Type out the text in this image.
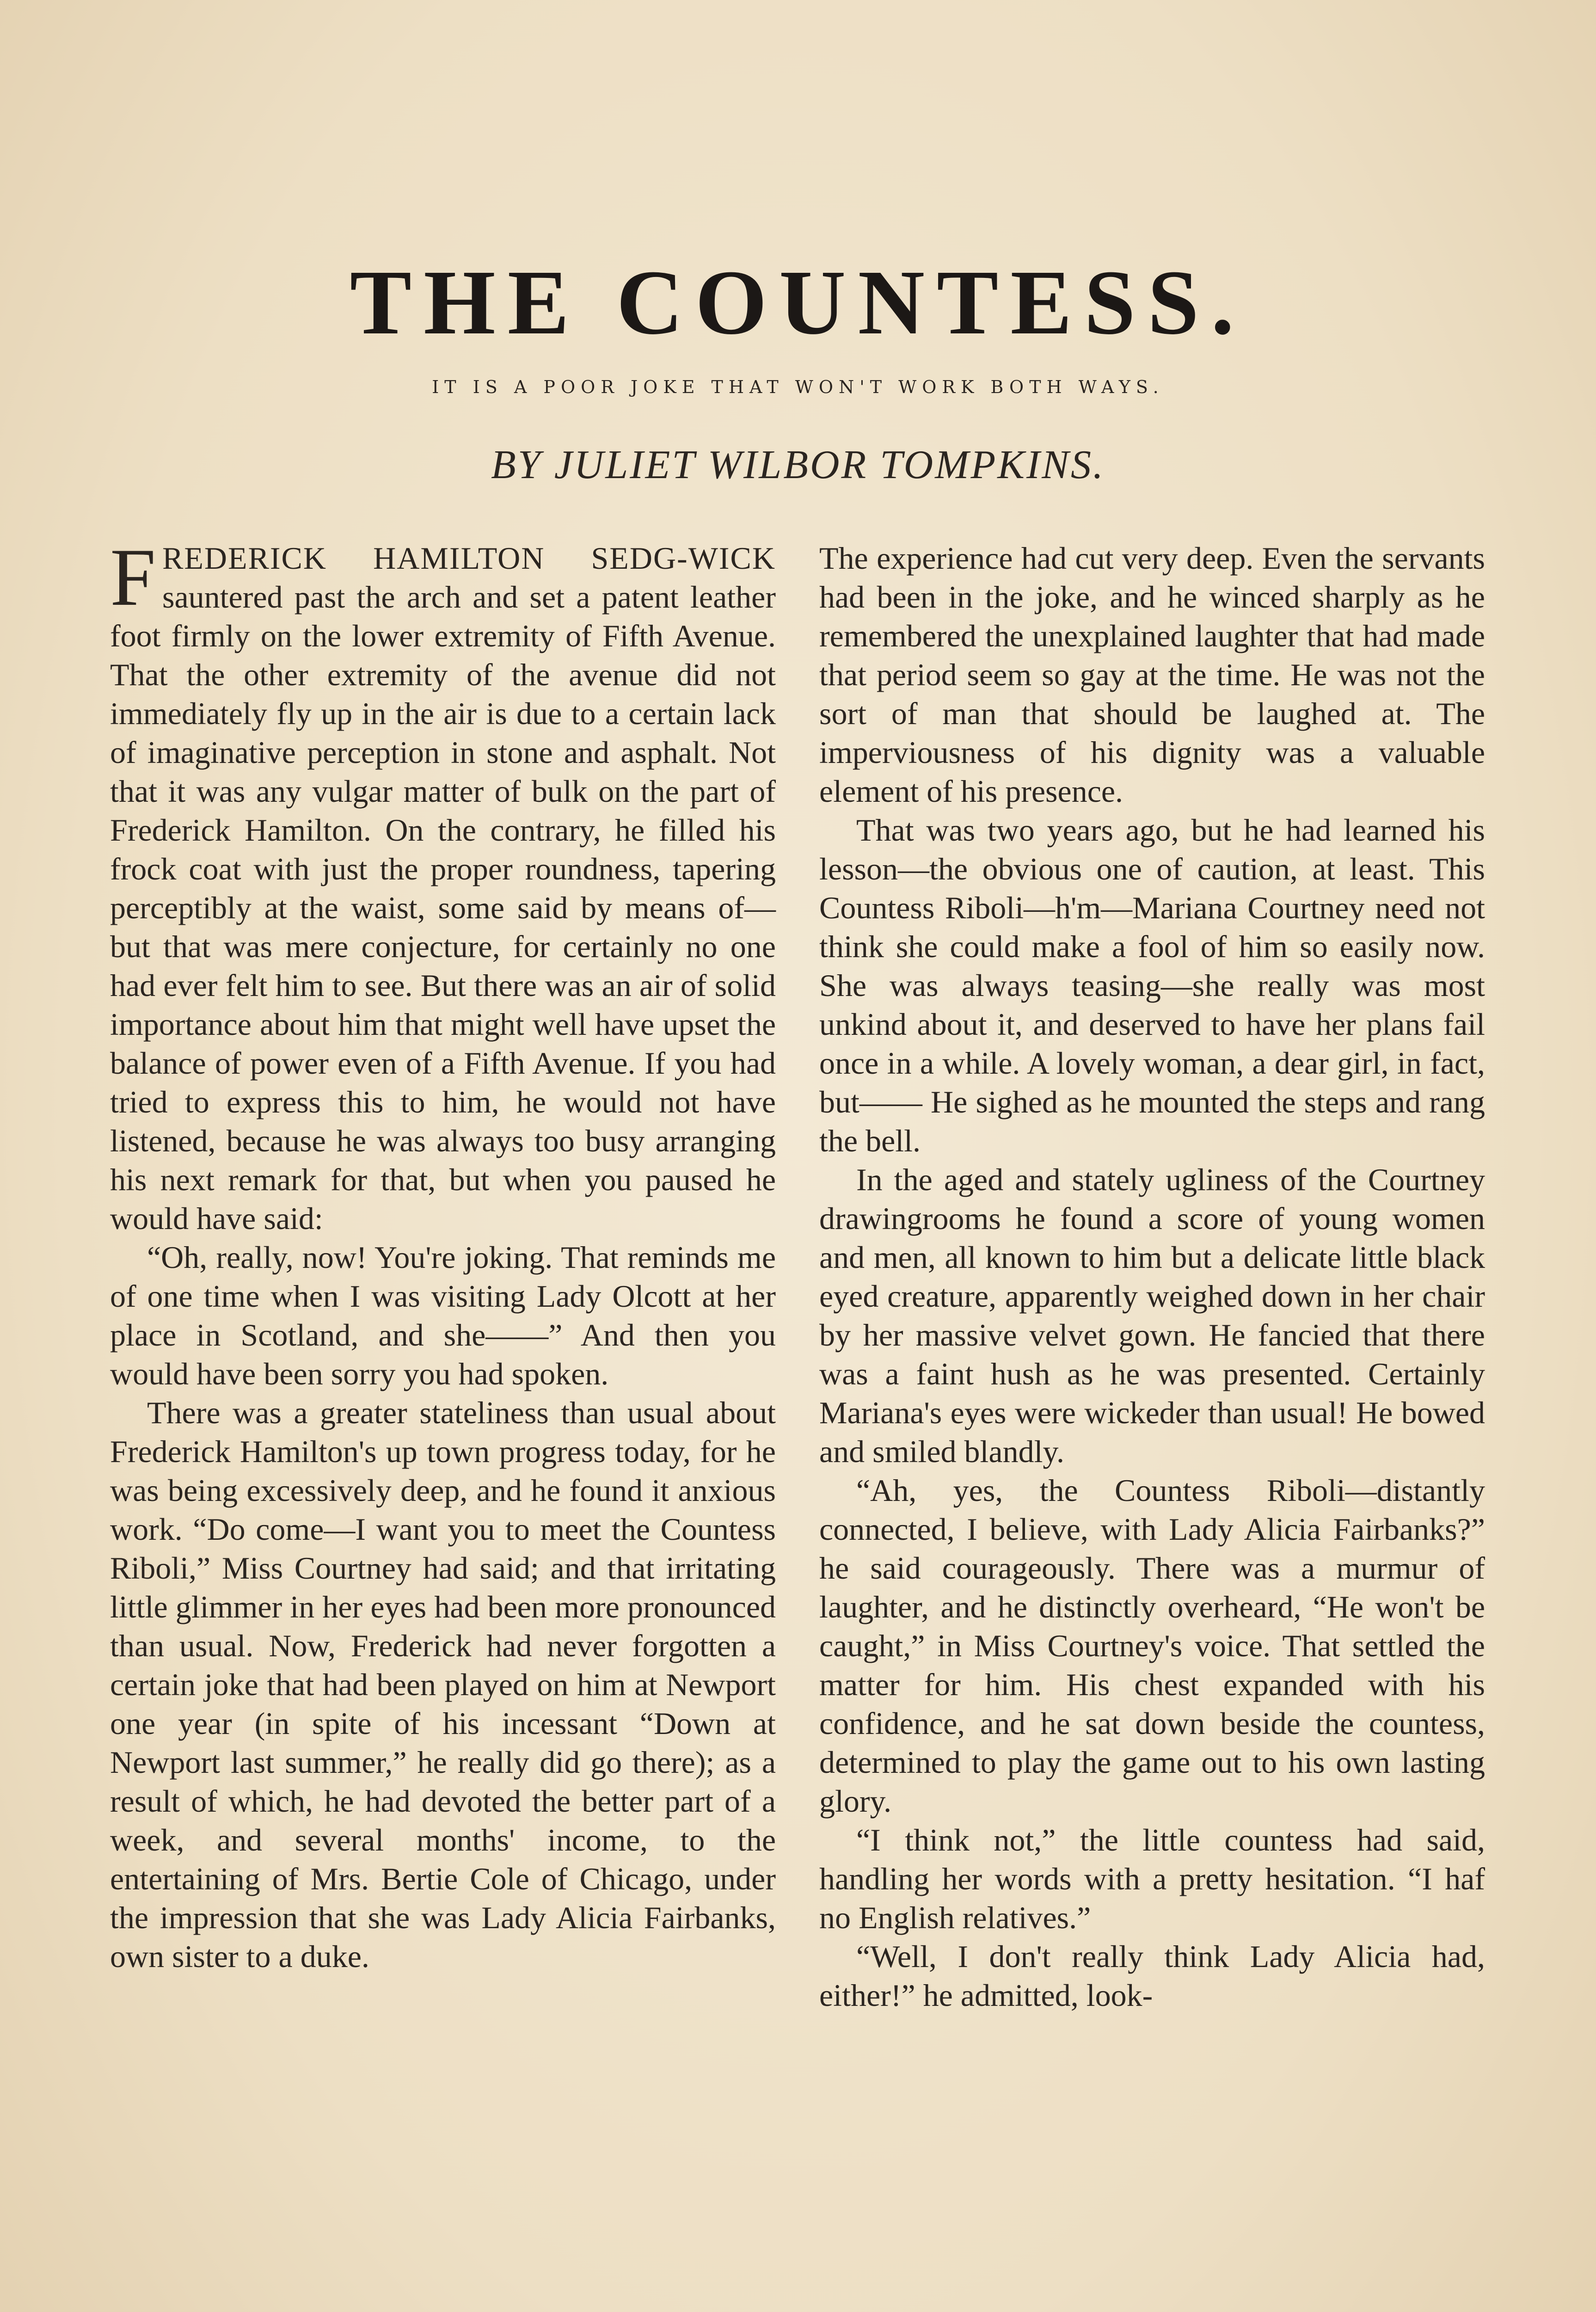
THE COUNTESS.
IT IS A POOR JOKE THAT WON'T WORK BOTH WAYS.
BY JULIET WILBOR TOMPKINS.

FREDERICK HAMILTON SEDG-WICK sauntered past the arch and set a patent leather foot firmly on the lower extremity of Fifth Avenue. That the other extremity of the avenue did not immediately fly up in the air is due to a certain lack of imaginative perception in stone and asphalt. Not that it was any vulgar matter of bulk on the part of Frederick Hamilton. On the contrary, he filled his frock coat with just the proper roundness, tapering perceptibly at the waist, some said by means of—but that was mere conjecture, for certainly no one had ever felt him to see. But there was an air of solid importance about him that might well have upset the balance of power even of a Fifth Avenue. If you had tried to express this to him, he would not have listened, because he was always too busy arranging his next remark for that, but when you paused he would have said:

“Oh, really, now! You're joking. That reminds me of one time when I was visiting Lady Olcott at her place in Scotland, and she——” And then you would have been sorry you had spoken.

There was a greater stateliness than usual about Frederick Hamilton's up town progress today, for he was being excessively deep, and he found it anxious work. “Do come—I want you to meet the Countess Riboli,” Miss Courtney had said; and that irritating little glimmer in her eyes had been more pronounced than usual. Now, Frederick had never forgotten a certain joke that had been played on him at Newport one year (in spite of his incessant “Down at Newport last summer,” he really did go there); as a result of which, he had devoted the better part of a week, and several months' income, to the entertaining of Mrs. Bertie Cole of Chicago, under the impression that she was Lady Alicia Fairbanks, own sister to a duke.

The experience had cut very deep. Even the servants had been in the joke, and he winced sharply as he remembered the unexplained laughter that had made that period seem so gay at the time. He was not the sort of man that should be laughed at. The imperviousness of his dignity was a valuable element of his presence.

That was two years ago, but he had learned his lesson—the obvious one of caution, at least. This Countess Riboli—h'm—Mariana Courtney need not think she could make a fool of him so easily now. She was always teasing—she really was most unkind about it, and deserved to have her plans fail once in a while. A lovely woman, a dear girl, in fact, but—— He sighed as he mounted the steps and rang the bell.

In the aged and stately ugliness of the Courtney drawingrooms he found a score of young women and men, all known to him but a delicate little black eyed creature, apparently weighed down in her chair by her massive velvet gown. He fancied that there was a faint hush as he was presented. Certainly Mariana's eyes were wickeder than usual! He bowed and smiled blandly.

“Ah, yes, the Countess Riboli—distantly connected, I believe, with Lady Alicia Fairbanks?” he said courageously. There was a murmur of laughter, and he distinctly overheard, “He won't be caught,” in Miss Courtney's voice. That settled the matter for him. His chest expanded with his confidence, and he sat down beside the countess, determined to play the game out to his own lasting glory.

“I think not,” the little countess had said, handling her words with a pretty hesitation. “I haf no English relatives.”

“Well, I don't really think Lady Alicia had, either!” he admitted, look-
